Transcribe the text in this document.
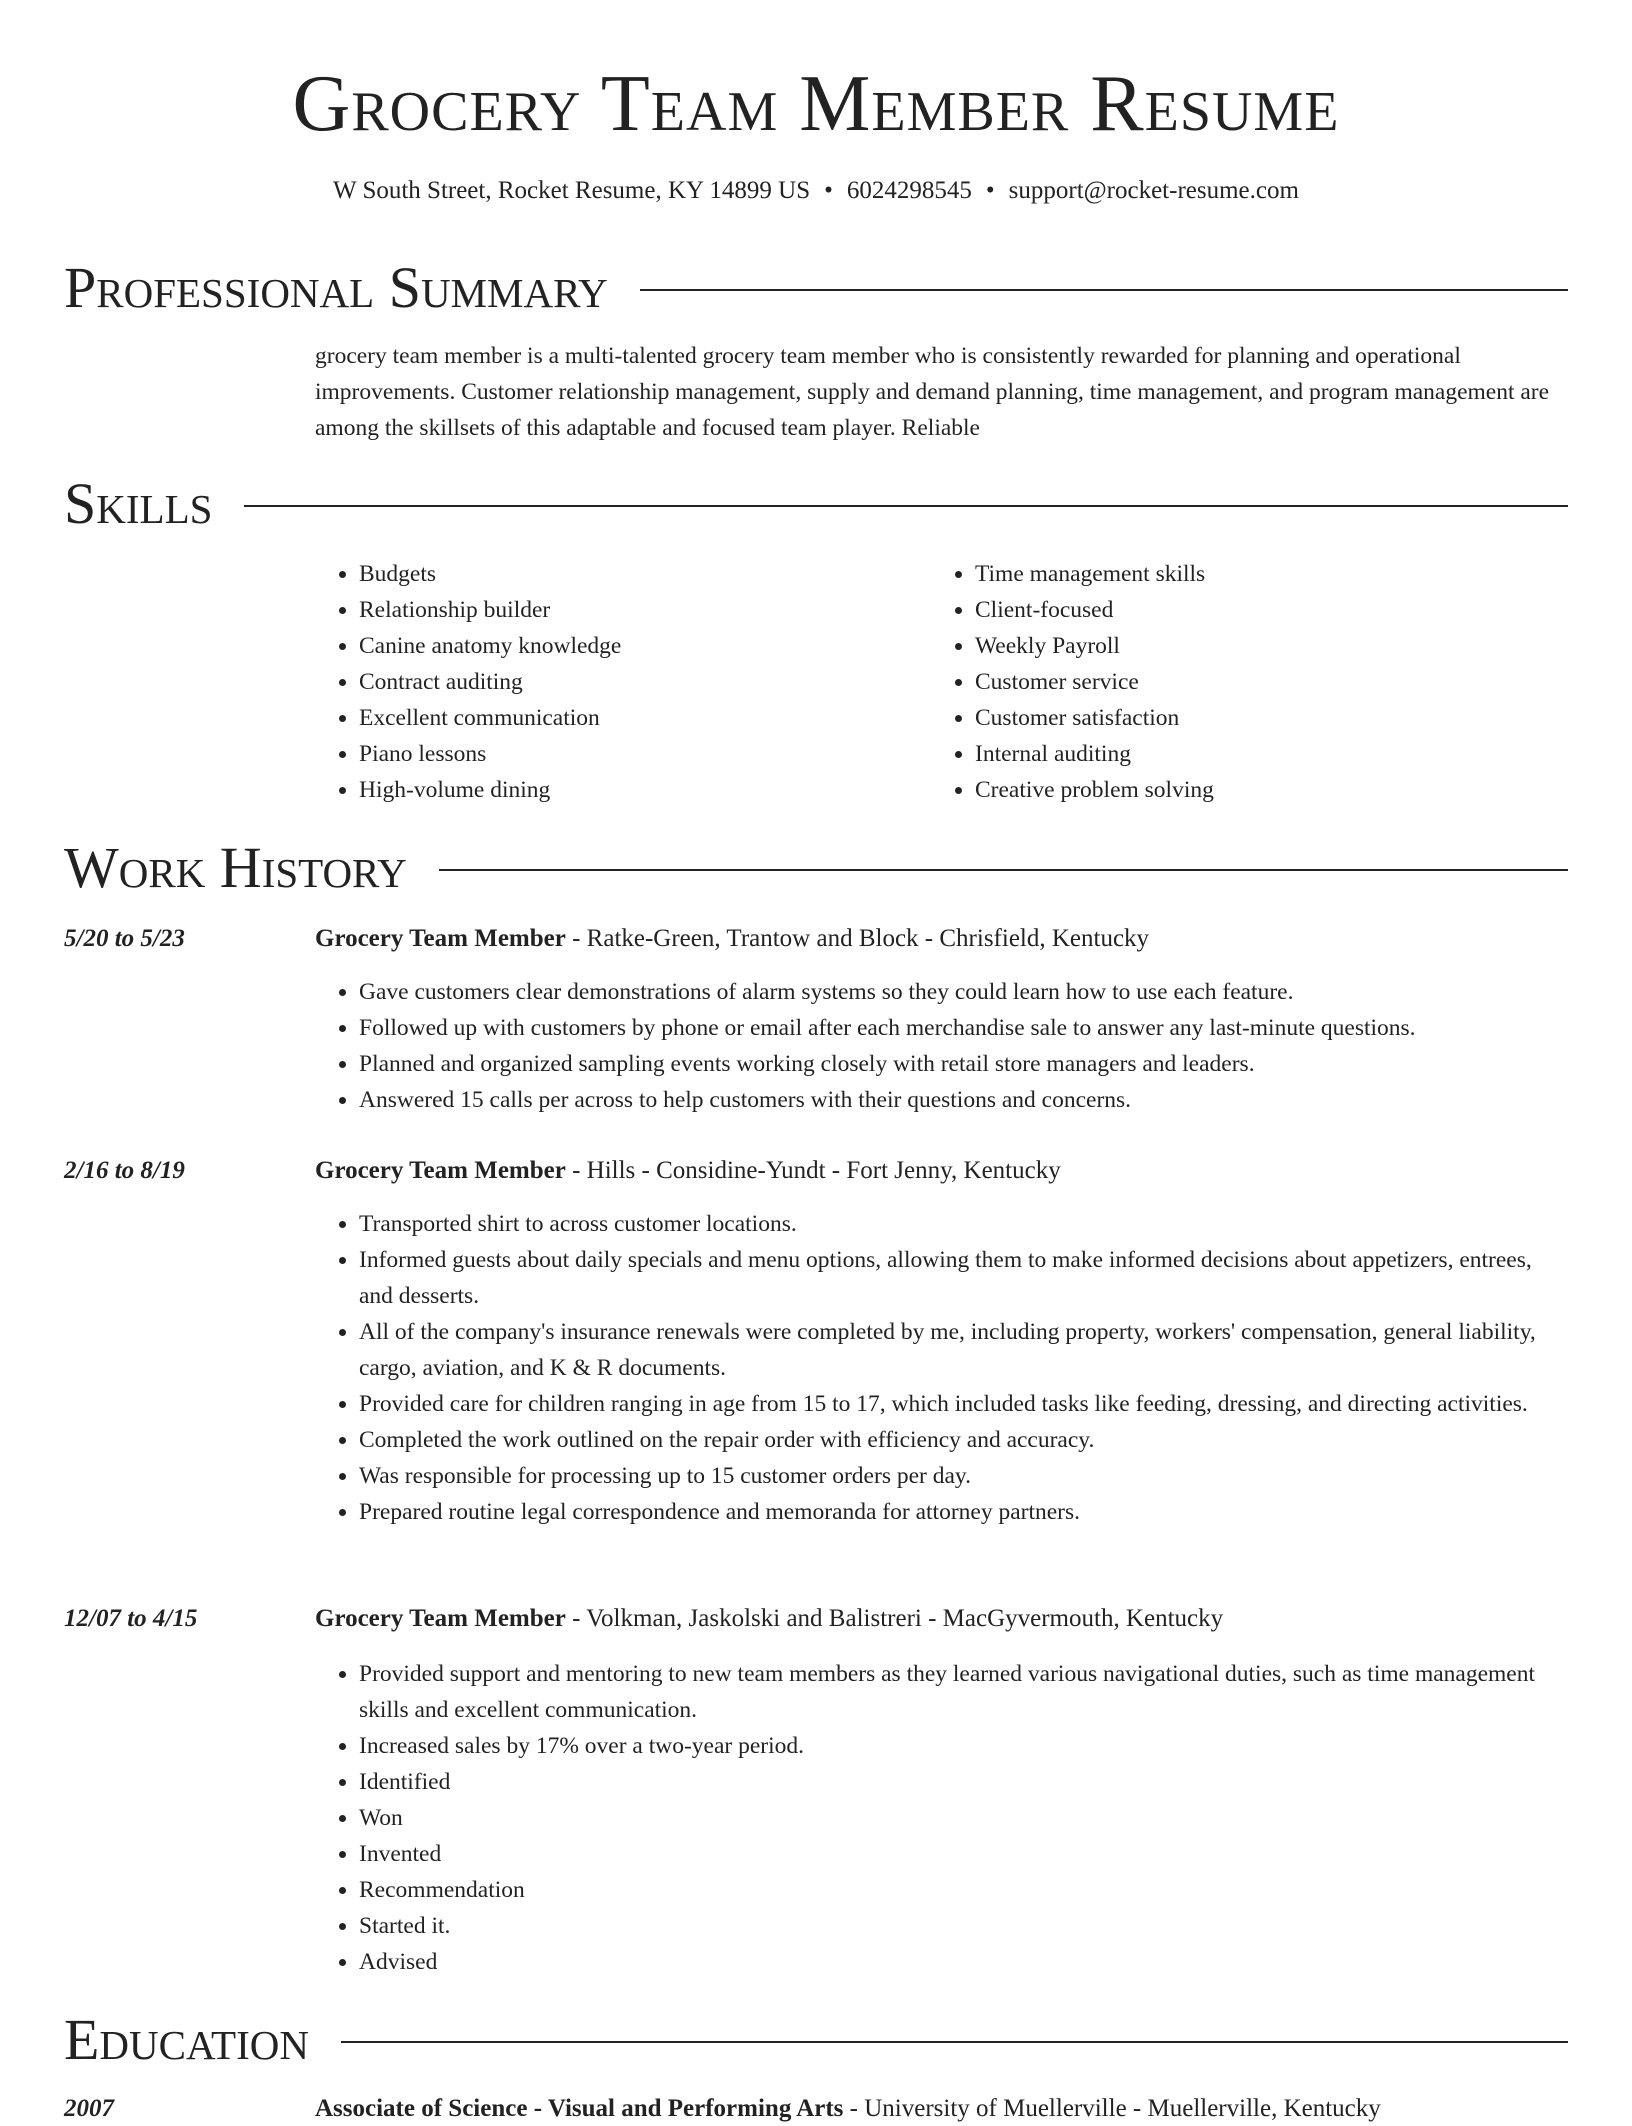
Grocery Team Member Resume
W South Street, Rocket Resume, KY 14899 US • 6024298545 • support@rocket-resume.com
Professional Summary
grocery team member is a multi-talented grocery team member who is consistently rewarded for planning and operational improvements. Customer relationship management, supply and demand planning, time management, and program management are among the skillsets of this adaptable and focused team player. Reliable
Skills
• Budgets
• Relationship builder
• Canine anatomy knowledge
• Contract auditing
• Excellent communication
• Piano lessons
• High-volume dining
• Time management skills
• Client-focused
• Weekly Payroll
• Customer service
• Customer satisfaction
• Internal auditing
• Creative problem solving
Work History
5/20 to 5/23	Grocery Team Member - Ratke-Green, Trantow and Block - Chrisfield, Kentucky
• Gave customers clear demonstrations of alarm systems so they could learn how to use each feature.
• Followed up with customers by phone or email after each merchandise sale to answer any last-minute questions.
• Planned and organized sampling events working closely with retail store managers and leaders.
• Answered 15 calls per across to help customers with their questions and concerns.
2/16 to 8/19	Grocery Team Member - Hills - Considine-Yundt - Fort Jenny, Kentucky
• Transported shirt to across customer locations.
• Informed guests about daily specials and menu options, allowing them to make informed decisions about appetizers, entrees, and desserts.
• All of the company's insurance renewals were completed by me, including property, workers' compensation, general liability, cargo, aviation, and K & R documents.
• Provided care for children ranging in age from 15 to 17, which included tasks like feeding, dressing, and directing activities.
• Completed the work outlined on the repair order with efficiency and accuracy.
• Was responsible for processing up to 15 customer orders per day.
• Prepared routine legal correspondence and memoranda for attorney partners.
12/07 to 4/15	Grocery Team Member - Volkman, Jaskolski and Balistreri - MacGyvermouth, Kentucky
• Provided support and mentoring to new team members as they learned various navigational duties, such as time management skills and excellent communication.
• Increased sales by 17% over a two-year period.
• Identified
• Won
• Invented
• Recommendation
• Started it.
• Advised
Education
2007	Associate of Science - Visual and Performing Arts - University of Muellerville - Muellerville, Kentucky
